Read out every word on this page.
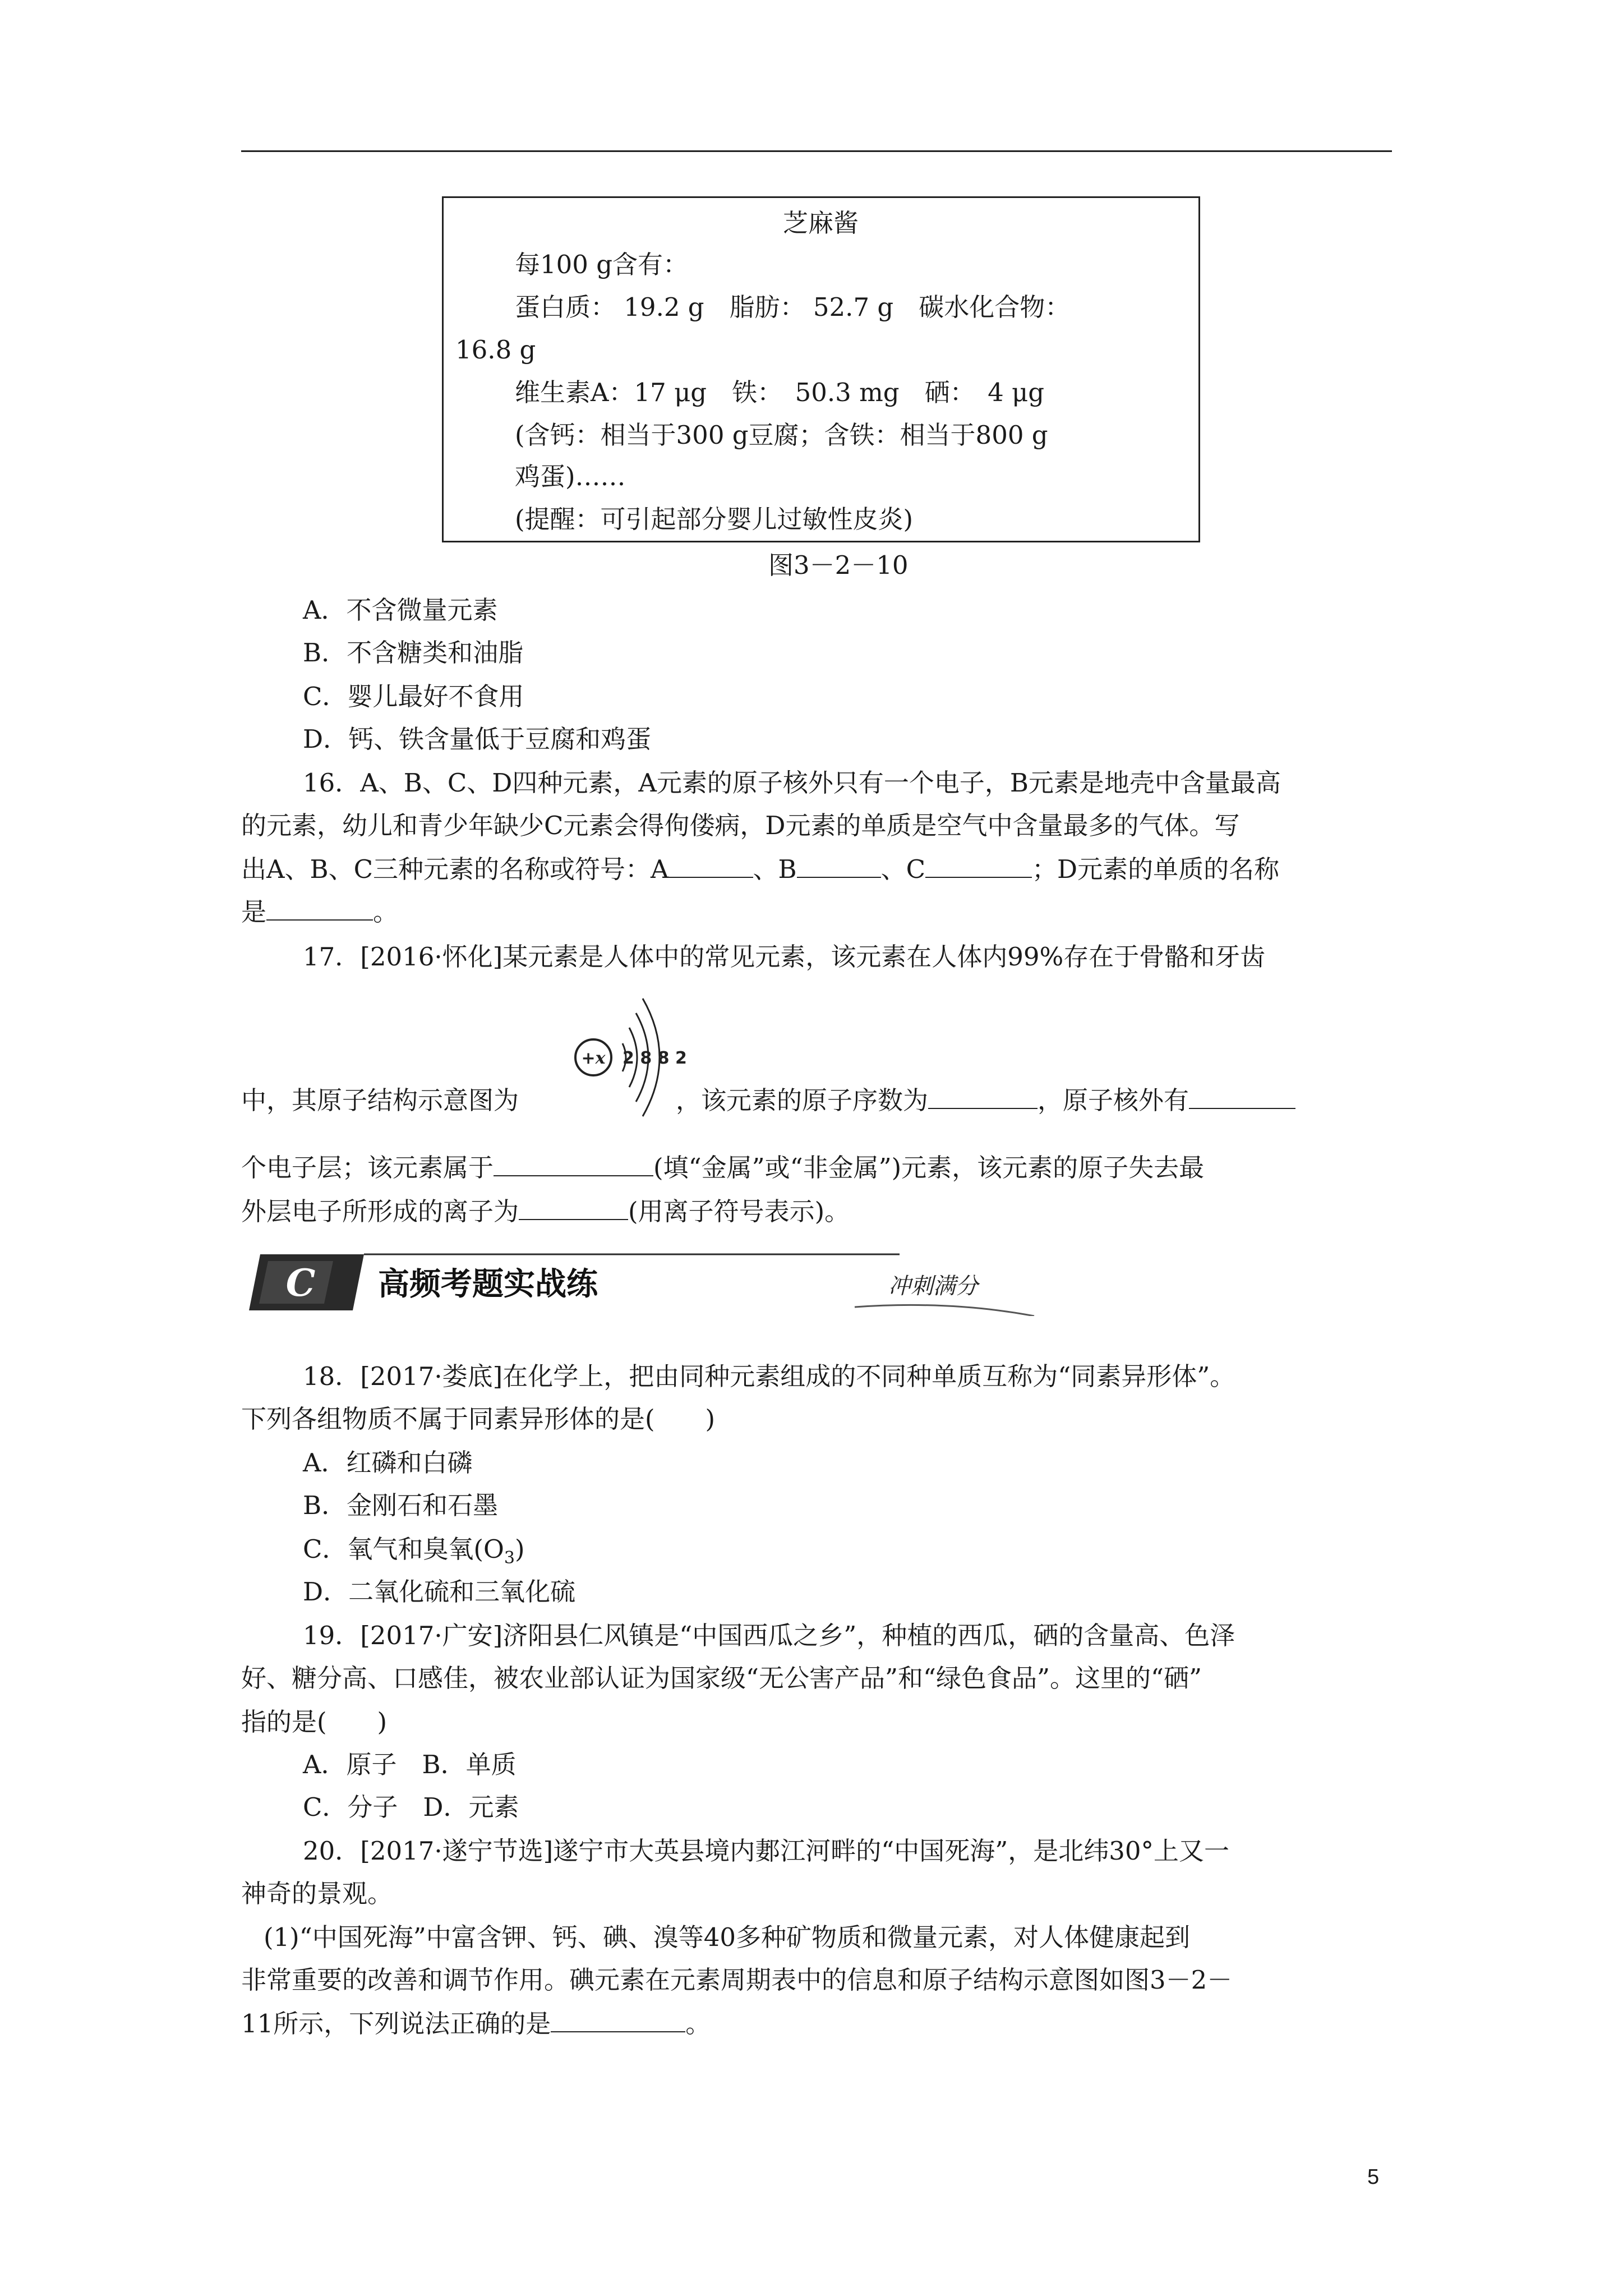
芝麻酱
每100 g含有：
蛋白质： 19.2 g　脂肪： 52.7 g　碳水化合物：
16.8 g
维生素A：17 μg　铁：　50.3 mg　硒：　4 μg
(含钙：相当于300 g豆腐；含铁：相当于800 g
鸡蛋)……
(提醒：可引起部分婴儿过敏性皮炎)
图3－2－10
A．不含微量元素
B．不含糖类和油脂
C．婴儿最好不食用
D．钙、铁含量低于豆腐和鸡蛋
16．A、B、C、D四种元素，A元素的原子核外只有一个电子，B元素是地壳中含量最高
的元素，幼儿和青少年缺少C元素会得佝偻病，D元素的单质是空气中含量最多的气体。写
出A、B、C三种元素的名称或符号：A	、B	、C	；D元素的单质的名称
是	。
17．[2016·怀化]某元素是人体中的常见元素，该元素在人体内99%存在于骨骼和牙齿
+x 2 8 8 2
中，其原子结构示意图为	，该元素的原子序数为	，原子核外有
个电子层；该元素属于	(填“金属”或“非金属”)元素，该元素的原子失去最
外层电子所形成的离子为	(用离子符号表示)。
C 高频考题实战练	冲刺满分
18．[2017·娄底]在化学上，把由同种元素组成的不同种单质互称为“同素异形体”。
下列各组物质不属于同素异形体的是(　　)
A．红磷和白磷
B．金刚石和石墨
C．氧气和臭氧$(O_3)$
D．二氧化硫和三氧化硫
19．[2017·广安]济阳县仁风镇是“中国西瓜之乡”，种植的西瓜，硒的含量高、色泽
好、糖分高、口感佳，被农业部认证为国家级“无公害产品”和“绿色食品”。这里的“硒”
指的是(　　)
A．原子　B．单质
C．分子　D．元素
20．[2017·遂宁节选]遂宁市大英县境内郪江河畔的“中国死海”，是北纬30°上又一
神奇的景观。
(1)“中国死海”中富含钾、钙、碘、溴等40多种矿物质和微量元素，对人体健康起到
非常重要的改善和调节作用。碘元素在元素周期表中的信息和原子结构示意图如图3－2－
11所示，下列说法正确的是	。
5
